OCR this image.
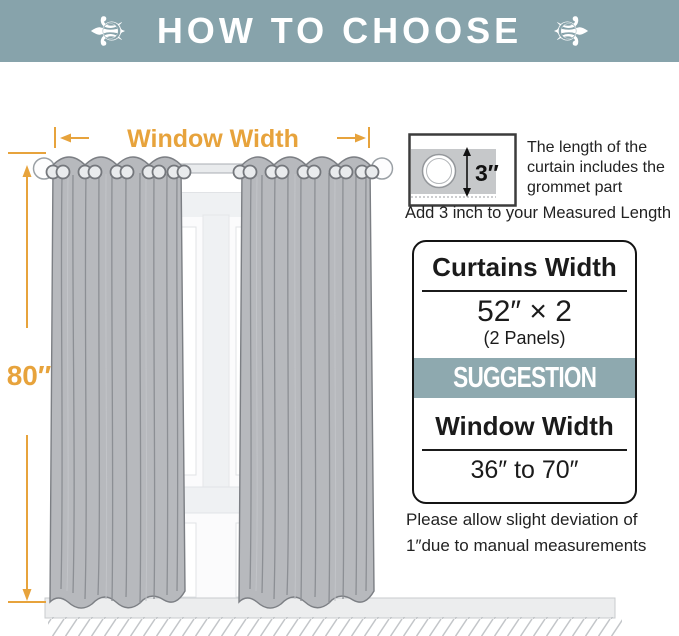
⚜ HOW TO CHOOSE ⚜
Window Width
80″
3″
The length of the curtain includes the grommet part
Add 3 inch to your Measured Length
Curtains Width
52″ × 2
(2 Panels)
SUGGESTION
Window Width
36″ to 70″
Please allow slight deviation of
1″due to manual measurements
